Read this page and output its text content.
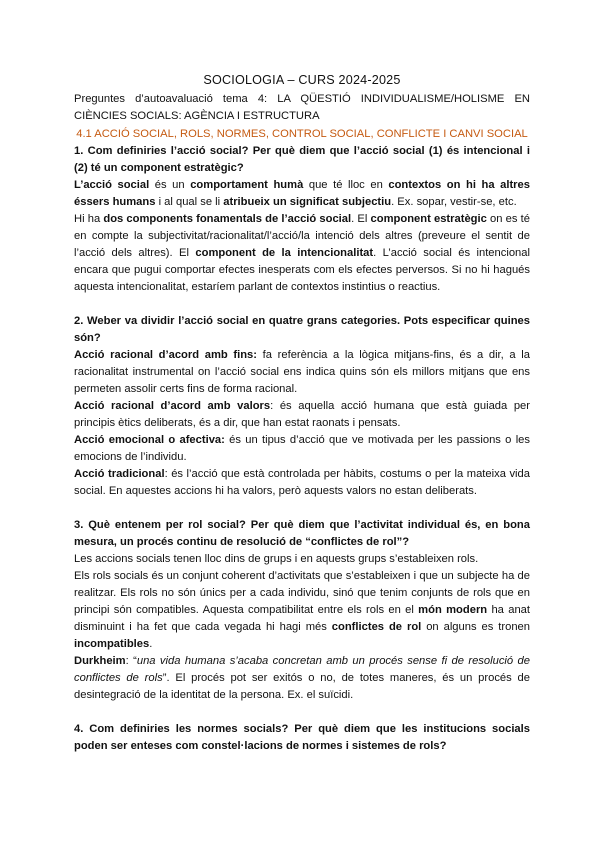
SOCIOLOGIA – CURS 2024-2025
Preguntes d’autoavaluació tema 4: LA QÜESTIÓ INDIVIDUALISME/HOLISME EN CIÈNCIES SOCIALS: AGÈNCIA I ESTRUCTURA
4.1 ACCIÓ SOCIAL, ROLS, NORMES, CONTROL SOCIAL, CONFLICTE I CANVI SOCIAL
1. Com definiries l’acció social? Per què diem que l’acció social (1) és intencional i (2) té un component estratègic?
L’acció social és un comportament humà que té lloc en contextos on hi ha altres éssers humans i al qual se li atribueix un significat subjectiu. Ex. sopar, vestir-se, etc.
Hi ha dos components fonamentals de l’acció social. El component estratègic on es té en compte la subjectivitat/racionalitat/l’acció/la intenció dels altres (preveure el sentit de l’acció dels altres). El component de la intencionalitat. L’acció social és intencional encara que pugui comportar efectes inesperats com els efectes perversos. Si no hi hagués aquesta intencionalitat, estaríem parlant de contextos instintius o reactius.
2. Weber va dividir l’acció social en quatre grans categories. Pots especificar quines són?
Acció racional d’acord amb fins: fa referència a la lògica mitjans-fins, és a dir, a la racionalitat instrumental on l’acció social ens indica quins són els millors mitjans que ens permeten assolir certs fins de forma racional.
Acció racional d’acord amb valors: és aquella acció humana que està guiada per principis ètics deliberats, és a dir, que han estat raonats i pensats.
Acció emocional o afectiva: és un tipus d’acció que ve motivada per les passions o les emocions de l’individu.
Acció tradicional: és l’acció que està controlada per hàbits, costums o per la mateixa vida social. En aquestes accions hi ha valors, però aquests valors no estan deliberats.
3. Què entenem per rol social? Per què diem que l’activitat individual és, en bona mesura, un procés continu de resolució de “conflictes de rol”?
Les accions socials tenen lloc dins de grups i en aquests grups s’estableixen rols.
Els rols socials és un conjunt coherent d’activitats que s’estableixen i que un subjecte ha de realitzar. Els rols no són únics per a cada individu, sinó que tenim conjunts de rols que en principi són compatibles. Aquesta compatibilitat entre els rols en el món modern ha anat disminuint i ha fet que cada vegada hi hagi més conflictes de rol on alguns es tronen incompatibles.
Durkheim: “una vida humana s’acaba concretan amb un procés sense fi de resolució de conflictes de rols”. El procés pot ser exitós o no, de totes maneres, és un procés de desintegració de la identitat de la persona. Ex. el suïcidi.
4. Com definiries les normes socials? Per què diem que les institucions socials poden ser enteses com constel·lacions de normes i sistemes de rols?
